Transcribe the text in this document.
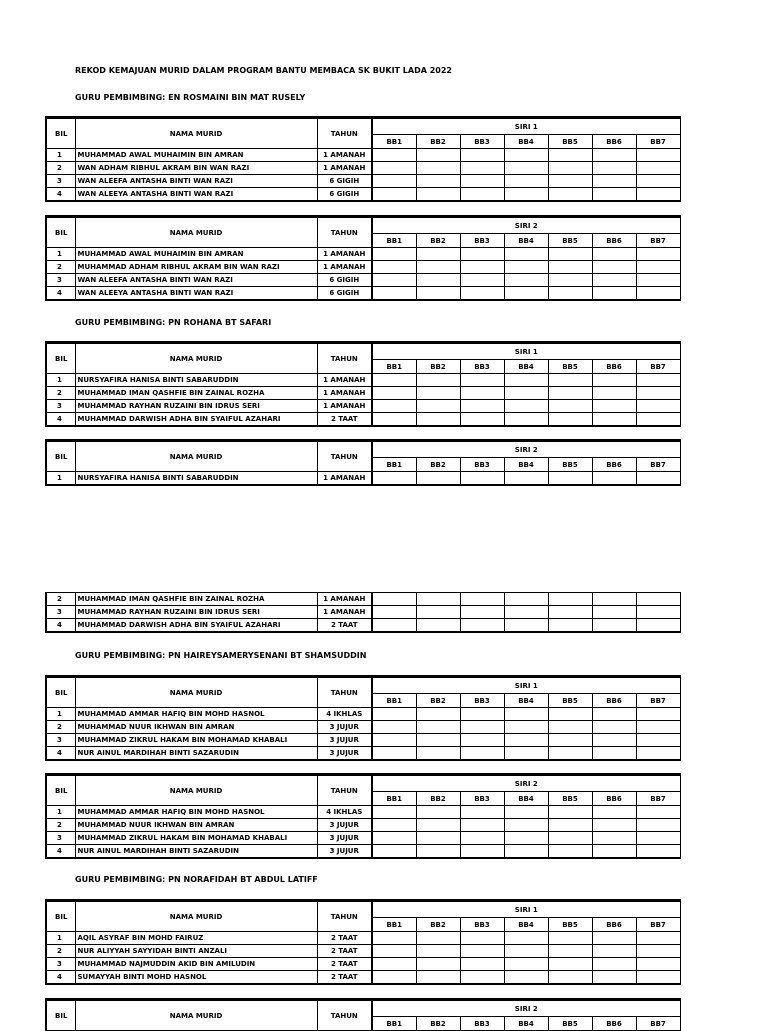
REKOD KEMAJUAN MURID DALAM PROGRAM BANTU MEMBACA SK BUKIT LADA 2022
GURU PEMBIMBING: EN ROSMAINI BIN MAT RUSELY
GURU PEMBIMBING: PN ROHANA BT SAFARI
GURU PEMBIMBING: PN HAIREYSAMERYSENANI BT SHAMSUDDIN
GURU PEMBIMBING: PN NORAFIDAH BT ABDUL LATIFF
BIL	NAMA MURID	TAHUN	SIRI 1						
			BB1	BB2	BB3	BB4	BB5	BB6	BB7
1	MUHAMMAD AWAL MUHAIMIN BIN AMRAN	1 AMANAH							
2	WAN ADHAM RIBHUL AKRAM BIN WAN RAZI	1 AMANAH							
3	WAN ALEEFA ANTASHA BINTI WAN RAZI	6 GIGIH							
4	WAN ALEEYA ANTASHA BINTI WAN RAZI	6 GIGIH							
BIL	NAMA MURID	TAHUN	SIRI 2						
			BB1	BB2	BB3	BB4	BB5	BB6	BB7
1	MUHAMMAD AWAL MUHAIMIN BIN AMRAN	1 AMANAH							
2	MUHAMMAD ADHAM RIBHUL AKRAM BIN WAN RAZI	1 AMANAH							
3	WAN ALEEFA ANTASHA BINTI WAN RAZI	6 GIGIH							
4	WAN ALEEYA ANTASHA BINTI WAN RAZI	6 GIGIH							
BIL	NAMA MURID	TAHUN	SIRI 1						
			BB1	BB2	BB3	BB4	BB5	BB6	BB7
1	NURSYAFIRA HANISA BINTI SABARUDDIN	1 AMANAH							
2	MUHAMMAD IMAN QASHFIE BIN ZAINAL ROZHA	1 AMANAH							
3	MUHAMMAD RAYHAN RUZAINI BIN IDRUS SERI	1 AMANAH							
4	MUHAMMAD DARWISH ADHA BIN SYAIFUL AZAHARI	2 TAAT							
BIL	NAMA MURID	TAHUN	SIRI 2						
			BB1	BB2	BB3	BB4	BB5	BB6	BB7
1	NURSYAFIRA HANISA BINTI SABARUDDIN	1 AMANAH							
2	MUHAMMAD IMAN QASHFIE BIN ZAINAL ROZHA	1 AMANAH							
3	MUHAMMAD RAYHAN RUZAINI BIN IDRUS SERI	1 AMANAH							
4	MUHAMMAD DARWISH ADHA BIN SYAIFUL AZAHARI	2 TAAT							
BIL	NAMA MURID	TAHUN	SIRI 1						
			BB1	BB2	BB3	BB4	BB5	BB6	BB7
1	MUHAMMAD AMMAR HAFIQ BIN MOHD HASNOL	4 IKHLAS							
2	MUHAMMAD NUUR IKHWAN BIN AMRAN	3 JUJUR							
3	MUHAMMAD ZIKRUL HAKAM BIN MOHAMAD KHABALI	3 JUJUR							
4	NUR AINUL MARDIHAH BINTI SAZARUDIN	3 JUJUR							
BIL	NAMA MURID	TAHUN	SIRI 2						
			BB1	BB2	BB3	BB4	BB5	BB6	BB7
1	MUHAMMAD AMMAR HAFIQ BIN MOHD HASNOL	4 IKHLAS							
2	MUHAMMAD NUUR IKHWAN BIN AMRAN	3 JUJUR							
3	MUHAMMAD ZIKRUL HAKAM BIN MOHAMAD KHABALI	3 JUJUR							
4	NUR AINUL MARDIHAH BINTI SAZARUDIN	3 JUJUR							
BIL	NAMA MURID	TAHUN	SIRI 1						
			BB1	BB2	BB3	BB4	BB5	BB6	BB7
1	AQIL ASYRAF BIN MOHD FAIRUZ	2 TAAT							
2	NUR ALIYYAH SAYYIDAH BINTI ANZALI	2 TAAT							
3	MUHAMMAD NAJMUDDIN AKID BIN AMILUDIN	2 TAAT							
4	SUMAYYAH BINTI MOHD HASNOL	2 TAAT							
BIL	NAMA MURID	TAHUN	SIRI 2						
			BB1	BB2	BB3	BB4	BB5	BB6	BB7
